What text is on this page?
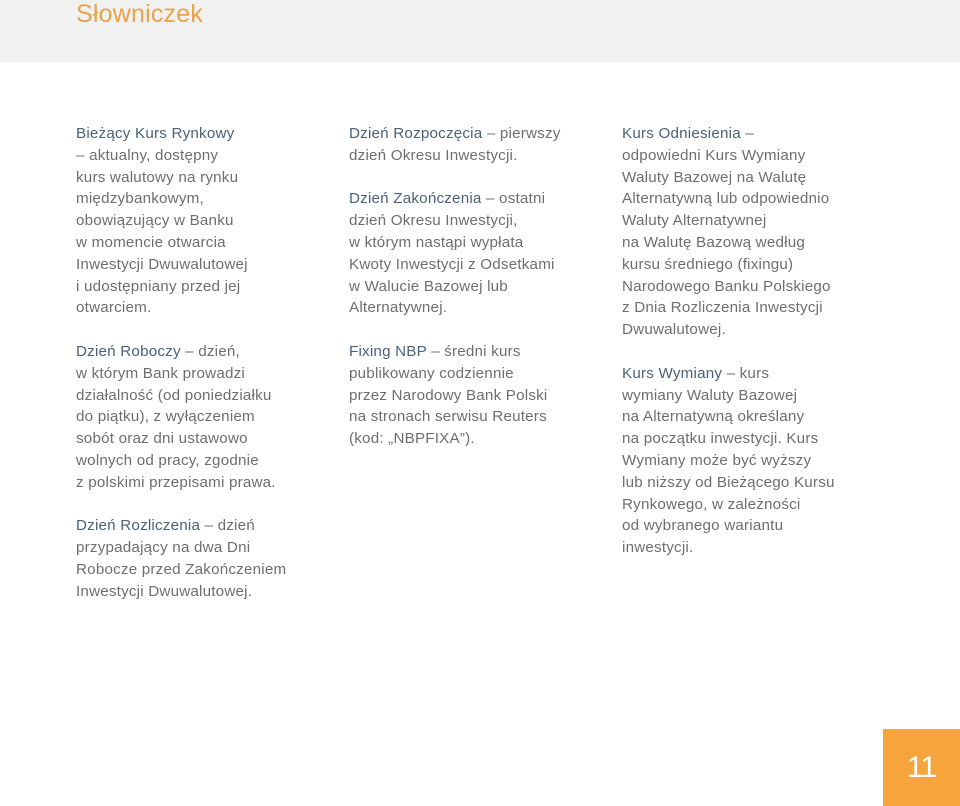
Słowniczek
Bieżący Kurs Rynkowy
– aktualny, dostępny
kurs walutowy na rynku
międzybankowym,
obowiązujący w Banku
w momencie otwarcia
Inwestycji Dwuwalutowej
i udostępniany przed jej
otwarciem.
Dzień Roboczy – dzień,
w którym Bank prowadzi
działalność (od poniedziałku
do piątku), z wyłączeniem
sobót oraz dni ustawowo
wolnych od pracy, zgodnie
z polskimi przepisami prawa.
Dzień Rozliczenia – dzień
przypadający na dwa Dni
Robocze przed Zakończeniem
Inwestycji Dwuwalutowej.
Dzień Rozpoczęcia – pierwszy
dzień Okresu Inwestycji.
Dzień Zakończenia – ostatni
dzień Okresu Inwestycji,
w którym nastąpi wypłata
Kwoty Inwestycji z Odsetkami
w Walucie Bazowej lub
Alternatywnej.
Fixing NBP – średni kurs
publikowany codziennie
przez Narodowy Bank Polski
na stronach serwisu Reuters
(kod: „NBPFIXA”).
Kurs Odniesienia –
odpowiedni Kurs Wymiany
Waluty Bazowej na Walutę
Alternatywną lub odpowiednio
Waluty Alternatywnej
na Walutę Bazową według
kursu średniego (fixingu)
Narodowego Banku Polskiego
z Dnia Rozliczenia Inwestycji
Dwuwalutowej.
Kurs Wymiany – kurs
wymiany Waluty Bazowej
na Alternatywną określany
na początku inwestycji. Kurs
Wymiany może być wyższy
lub niższy od Bieżącego Kursu
Rynkowego, w zależności
od wybranego wariantu
inwestycji.
11
